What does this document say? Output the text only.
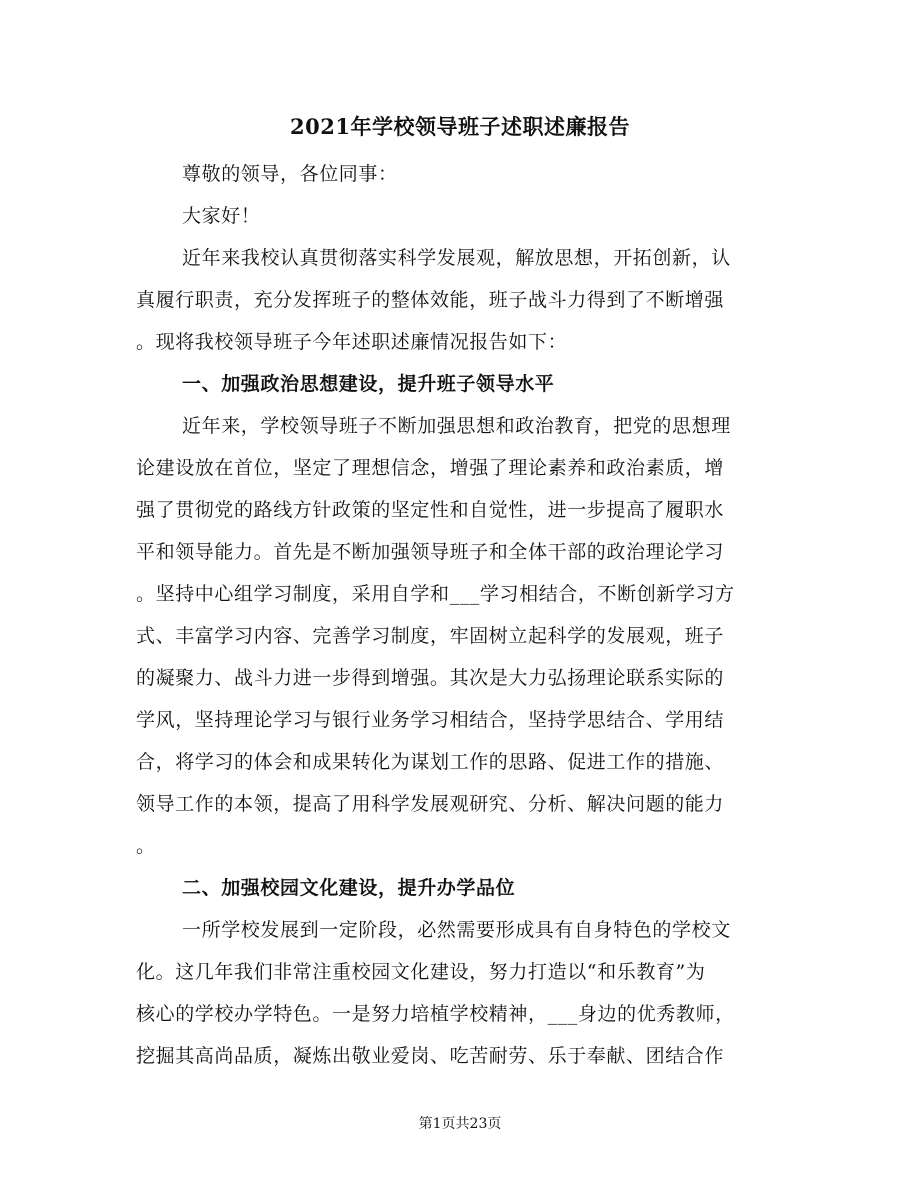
2021年学校领导班子述职述廉报告
尊敬的领导，各位同事：
大家好！
近年来我校认真贯彻落实科学发展观，解放思想，开拓创新，认
真履行职责，充分发挥班子的整体效能，班子战斗力得到了不断增强
。现将我校领导班子今年述职述廉情况报告如下：
一、加强政治思想建设，提升班子领导水平
近年来，学校领导班子不断加强思想和政治教育，把党的思想理
论建设放在首位，坚定了理想信念，增强了理论素养和政治素质，增
强了贯彻党的路线方针政策的坚定性和自觉性，进一步提高了履职水
平和领导能力。首先是不断加强领导班子和全体干部的政治理论学习
。坚持中心组学习制度，采用自学和___学习相结合，不断创新学习方
式、丰富学习内容、完善学习制度，牢固树立起科学的发展观，班子
的凝聚力、战斗力进一步得到增强。其次是大力弘扬理论联系实际的
学风，坚持理论学习与银行业务学习相结合，坚持学思结合、学用结
合，将学习的体会和成果转化为谋划工作的思路、促进工作的措施、
领导工作的本领，提高了用科学发展观研究、分析、解决问题的能力
。
二、加强校园文化建设，提升办学品位
一所学校发展到一定阶段，必然需要形成具有自身特色的学校文
化。这几年我们非常注重校园文化建设，努力打造以“和乐教育”为
核心的学校办学特色。一是努力培植学校精神，___身边的优秀教师，
挖掘其高尚品质，凝炼出敬业爱岗、吃苦耐劳、乐于奉献、团结合作
第1页共23页
